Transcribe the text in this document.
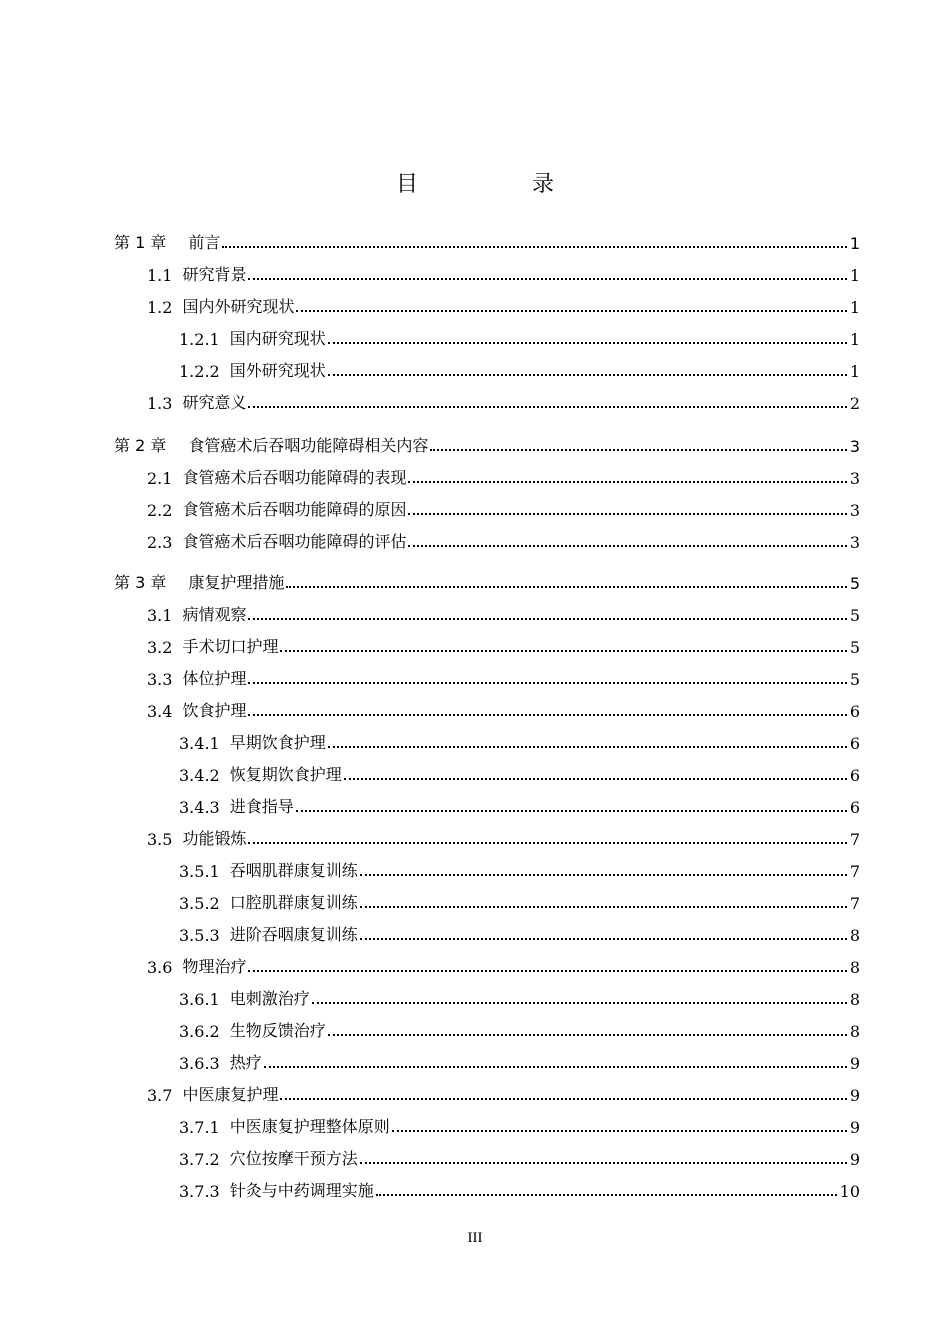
目　录
第 1 章 前言	1
1.1 研究背景	1
1.2 国内外研究现状	1
1.2.1 国内研究现状	1
1.2.2 国外研究现状	1
1.3 研究意义	2
第 2 章 食管癌术后吞咽功能障碍相关内容	3
2.1 食管癌术后吞咽功能障碍的表现	3
2.2 食管癌术后吞咽功能障碍的原因	3
2.3 食管癌术后吞咽功能障碍的评估	3
第 3 章 康复护理措施	5
3.1 病情观察	5
3.2 手术切口护理	5
3.3 体位护理	5
3.4 饮食护理	6
3.4.1 早期饮食护理	6
3.4.2 恢复期饮食护理	6
3.4.3 进食指导	6
3.5 功能锻炼	7
3.5.1 吞咽肌群康复训练	7
3.5.2 口腔肌群康复训练	7
3.5.3 进阶吞咽康复训练	8
3.6 物理治疗	8
3.6.1 电刺激治疗	8
3.6.2 生物反馈治疗	8
3.6.3 热疗	9
3.7 中医康复护理	9
3.7.1 中医康复护理整体原则	9
3.7.2 穴位按摩干预方法	9
3.7.3 针灸与中药调理实施	10
III
